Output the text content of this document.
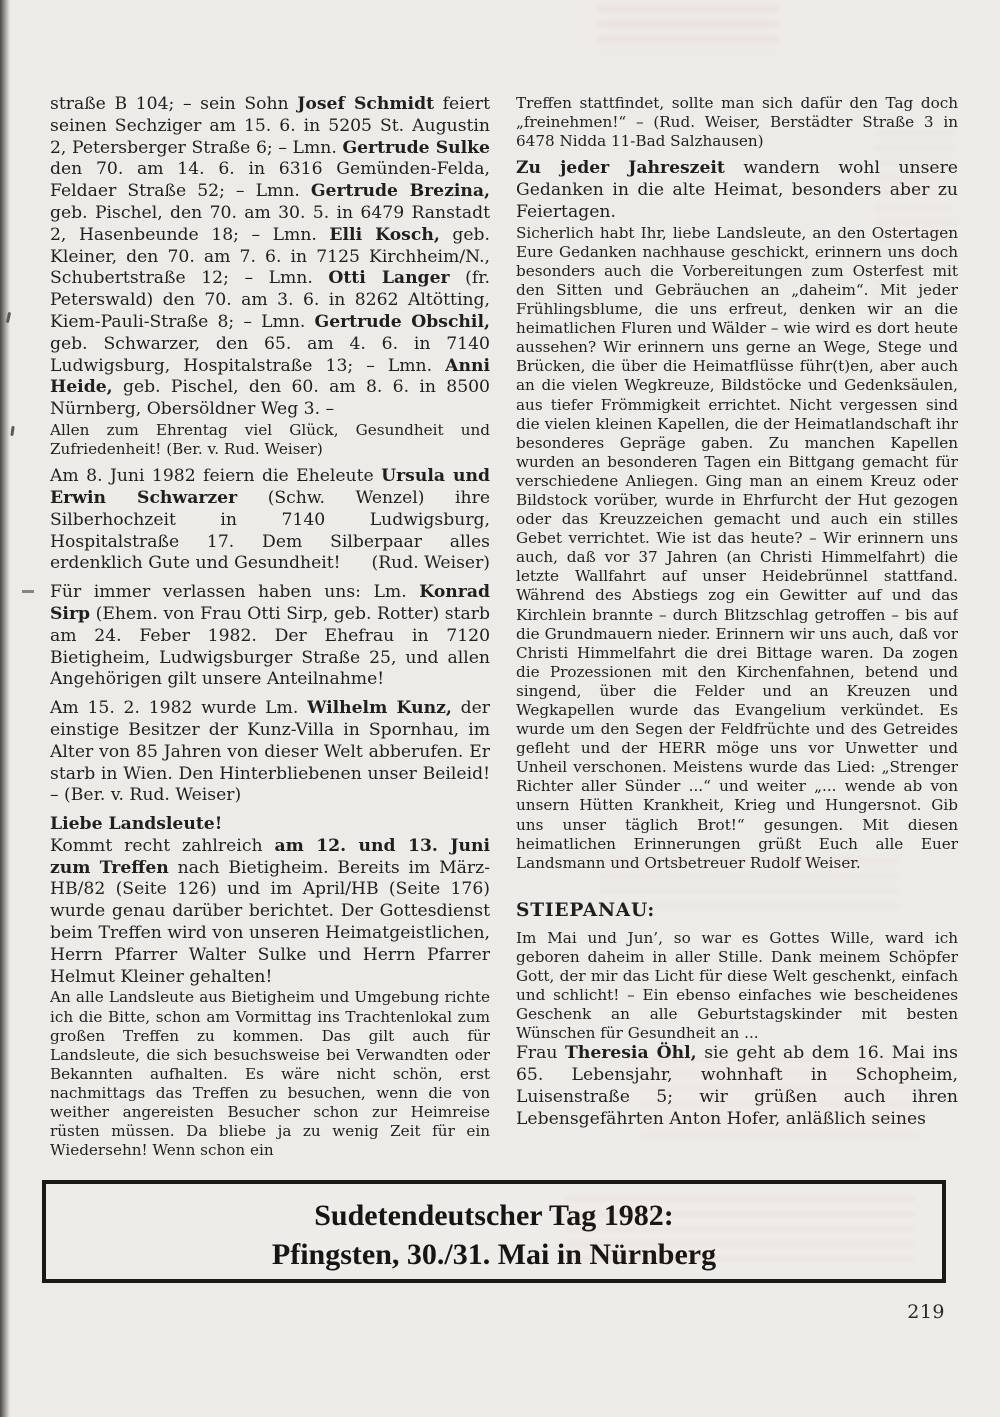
straße B 104; – sein Sohn Josef Schmidt feiert seinen Sechziger am 15. 6. in 5205 St. Augustin 2, Petersberger Straße 6; – Lmn. Gertrude Sulke den 70. am 14. 6. in 6316 Gemünden-Felda, Feldaer Straße 52; – Lmn. Gertrude Brezina, geb. Pischel, den 70. am 30. 5. in 6479 Ranstadt 2, Hasenbeunde 18; – Lmn. Elli Kosch, geb. Kleiner, den 70. am 7. 6. in 7125 Kirchheim/N., Schubertstraße 12; – Lmn. Otti Langer (fr. Peterswald) den 70. am 3. 6. in 8262 Altötting, Kiem-Pauli-Straße 8; – Lmn. Gertrude Obschil, geb. Schwarzer, den 65. am 4. 6. in 7140 Ludwigsburg, Hospitalstraße 13; – Lmn. Anni Heide, geb. Pischel, den 60. am 8. 6. in 8500 Nürnberg, Obersöldner Weg 3. –

Allen zum Ehrentag viel Glück, Gesundheit und Zufriedenheit! (Ber. v. Rud. Weiser)

Am 8. Juni 1982 feiern die Eheleute Ursula und Erwin Schwarzer (Schw. Wenzel) ihre Silberhochzeit in 7140 Ludwigsburg, Hospitalstraße 17. Dem Silberpaar alles erdenklich Gute und Gesundheit! (Rud. Weiser)

Für immer verlassen haben uns: Lm. Konrad Sirp (Ehem. von Frau Otti Sirp, geb. Rotter) starb am 24. Feber 1982. Der Ehefrau in 7120 Bietigheim, Ludwigsburger Straße 25, und allen Angehörigen gilt unsere Anteilnahme!

Am 15. 2. 1982 wurde Lm. Wilhelm Kunz, der einstige Besitzer der Kunz-Villa in Spornhau, im Alter von 85 Jahren von dieser Welt abberufen. Er starb in Wien. Den Hinterbliebenen unser Beileid! – (Ber. v. Rud. Weiser)

Liebe Landsleute!

Kommt recht zahlreich am 12. und 13. Juni zum Treffen nach Bietigheim. Bereits im März-HB/82 (Seite 126) und im April/HB (Seite 176) wurde genau darüber berichtet. Der Gottesdienst beim Treffen wird von unseren Heimatgeistlichen, Herrn Pfarrer Walter Sulke und Herrn Pfarrer Helmut Kleiner gehalten!

An alle Landsleute aus Bietigheim und Umgebung richte ich die Bitte, schon am Vormittag ins Trachtenlokal zum großen Treffen zu kommen. Das gilt auch für Landsleute, die sich besuchsweise bei Verwandten oder Bekannten aufhalten. Es wäre nicht schön, erst nachmittags das Treffen zu besuchen, wenn die von weither angereisten Besucher schon zur Heimreise rüsten müssen. Da bliebe ja zu wenig Zeit für ein Wiedersehn! Wenn schon ein

Treffen stattfindet, sollte man sich dafür den Tag doch „freinehmen!“ – (Rud. Weiser, Berstädter Straße 3 in 6478 Nidda 11-Bad Salzhausen)

Zu jeder Jahreszeit wandern wohl unsere Gedanken in die alte Heimat, besonders aber zu Feiertagen.

Sicherlich habt Ihr, liebe Landsleute, an den Ostertagen Eure Gedanken nachhause geschickt, erinnern uns doch besonders auch die Vorbereitungen zum Osterfest mit den Sitten und Gebräuchen an „daheim“. Mit jeder Frühlingsblume, die uns erfreut, denken wir an die heimatlichen Fluren und Wälder – wie wird es dort heute aussehen? Wir erinnern uns gerne an Wege, Stege und Brücken, die über die Heimatflüsse führ(t)en, aber auch an die vielen Wegkreuze, Bildstöcke und Gedenksäulen, aus tiefer Frömmigkeit errichtet. Nicht vergessen sind die vielen kleinen Kapellen, die der Heimatlandschaft ihr besonderes Gepräge gaben. Zu manchen Kapellen wurden an besonderen Tagen ein Bittgang gemacht für verschiedene Anliegen. Ging man an einem Kreuz oder Bildstock vorüber, wurde in Ehrfurcht der Hut gezogen oder das Kreuzzeichen gemacht und auch ein stilles Gebet verrichtet. Wie ist das heute? – Wir erinnern uns auch, daß vor 37 Jahren (an Christi Himmelfahrt) die letzte Wallfahrt auf unser Heidebrünnel stattfand. Während des Abstiegs zog ein Gewitter auf und das Kirchlein brannte – durch Blitzschlag getroffen – bis auf die Grundmauern nieder. Erinnern wir uns auch, daß vor Christi Himmelfahrt die drei Bittage waren. Da zogen die Prozessionen mit den Kirchenfahnen, betend und singend, über die Felder und an Kreuzen und Wegkapellen wurde das Evangelium verkündet. Es wurde um den Segen der Feldfrüchte und des Getreides gefleht und der HERR möge uns vor Unwetter und Unheil verschonen. Meistens wurde das Lied: „Strenger Richter aller Sünder ...“ und weiter „... wende ab von unsern Hütten Krankheit, Krieg und Hungersnot. Gib uns unser täglich Brot!“ gesungen. Mit diesen heimatlichen Erinnerungen grüßt Euch alle Euer Landsmann und Ortsbetreuer Rudolf Weiser.

STIEPANAU:

Im Mai und Jun’, so war es Gottes Wille, ward ich geboren daheim in aller Stille. Dank meinem Schöpfer Gott, der mir das Licht für diese Welt geschenkt, einfach und schlicht! – Ein ebenso einfaches wie bescheidenes Geschenk an alle Geburtstagskinder mit besten Wünschen für Gesundheit an ...

Frau Theresia Öhl, sie geht ab dem 16. Mai ins 65. Lebensjahr, wohnhaft in Schopheim, Luisenstraße 5; wir grüßen auch ihren Lebensgefährten Anton Hofer, anläßlich seines

Sudetendeutscher Tag 1982:
Pfingsten, 30./31. Mai in Nürnberg
219
